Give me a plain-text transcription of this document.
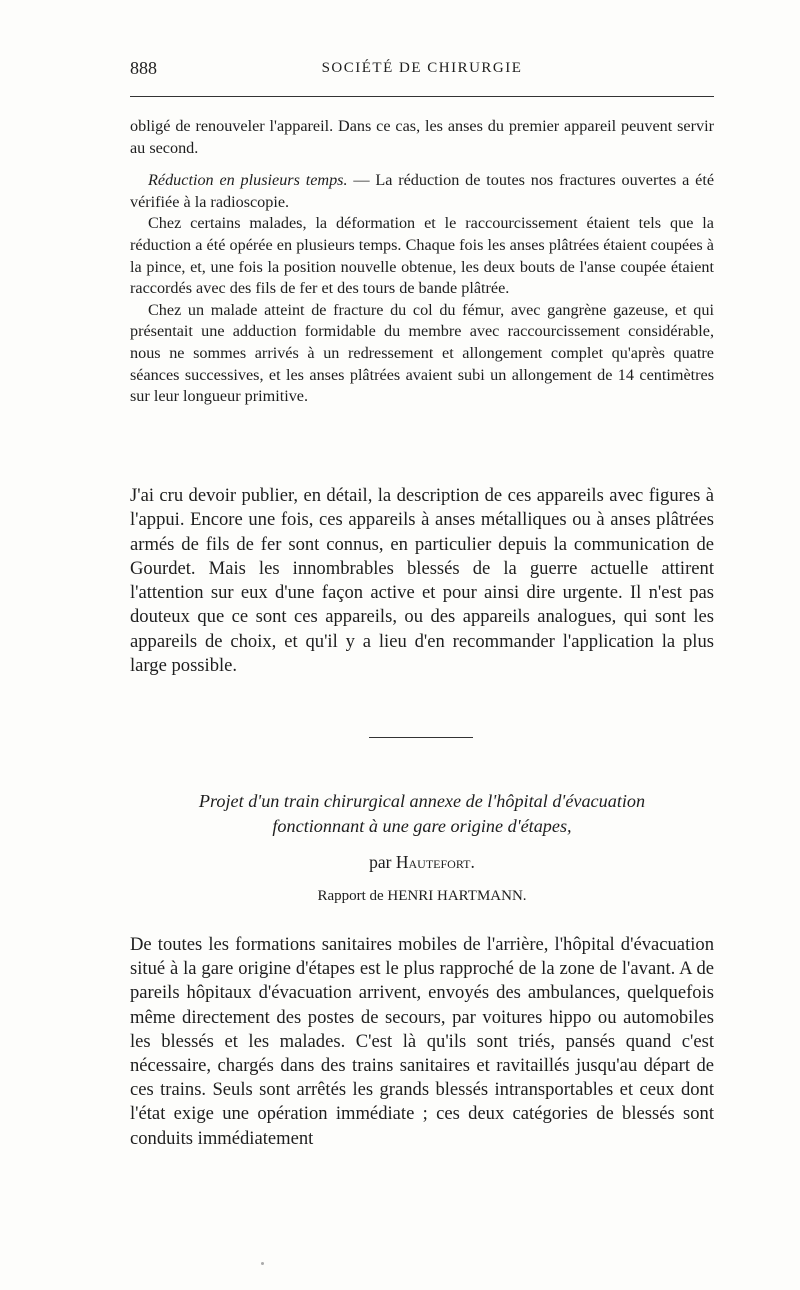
888	SOCIÉTÉ DE CHIRURGIE

obligé de renouveler l'appareil. Dans ce cas, les anses du premier appareil peuvent servir au second.

Réduction en plusieurs temps. — La réduction de toutes nos fractures ouvertes a été vérifiée à la radioscopie.

Chez certains malades, la déformation et le raccourcissement étaient tels que la réduction a été opérée en plusieurs temps. Chaque fois les anses plâtrées étaient coupées à la pince, et, une fois la position nouvelle obtenue, les deux bouts de l'anse coupée étaient raccordés avec des fils de fer et des tours de bande plâtrée.

Chez un malade atteint de fracture du col du fémur, avec gangrène gazeuse, et qui présentait une adduction formidable du membre avec raccourcissement considérable, nous ne sommes arrivés à un redressement et allongement complet qu'après quatre séances successives, et les anses plâtrées avaient subi un allongement de 14 centimètres sur leur longueur primitive.

J'ai cru devoir publier, en détail, la description de ces appareils avec figures à l'appui. Encore une fois, ces appareils à anses métalliques ou à anses plâtrées armés de fils de fer sont connus, en particulier depuis la communication de Gourdet. Mais les innombrables blessés de la guerre actuelle attirent l'attention sur eux d'une façon active et pour ainsi dire urgente. Il n'est pas douteux que ce sont ces appareils, ou des appareils analogues, qui sont les appareils de choix, et qu'il y a lieu d'en recommander l'application la plus large possible.

Projet d'un train chirurgical annexe de l'hôpital d'évacuation
fonctionnant à une gare origine d'étapes,
par Hautefort.
Rapport de HENRI HARTMANN.

De toutes les formations sanitaires mobiles de l'arrière, l'hôpital d'évacuation situé à la gare origine d'étapes est le plus rapproché de la zone de l'avant. A de pareils hôpitaux d'évacuation arrivent, envoyés des ambulances, quelquefois même directement des postes de secours, par voitures hippo ou automobiles les blessés et les malades. C'est là qu'ils sont triés, pansés quand c'est nécessaire, chargés dans des trains sanitaires et ravitaillés jusqu'au départ de ces trains. Seuls sont arrêtés les grands blessés intransportables et ceux dont l'état exige une opération immédiate ; ces deux catégories de blessés sont conduits immédiatement
